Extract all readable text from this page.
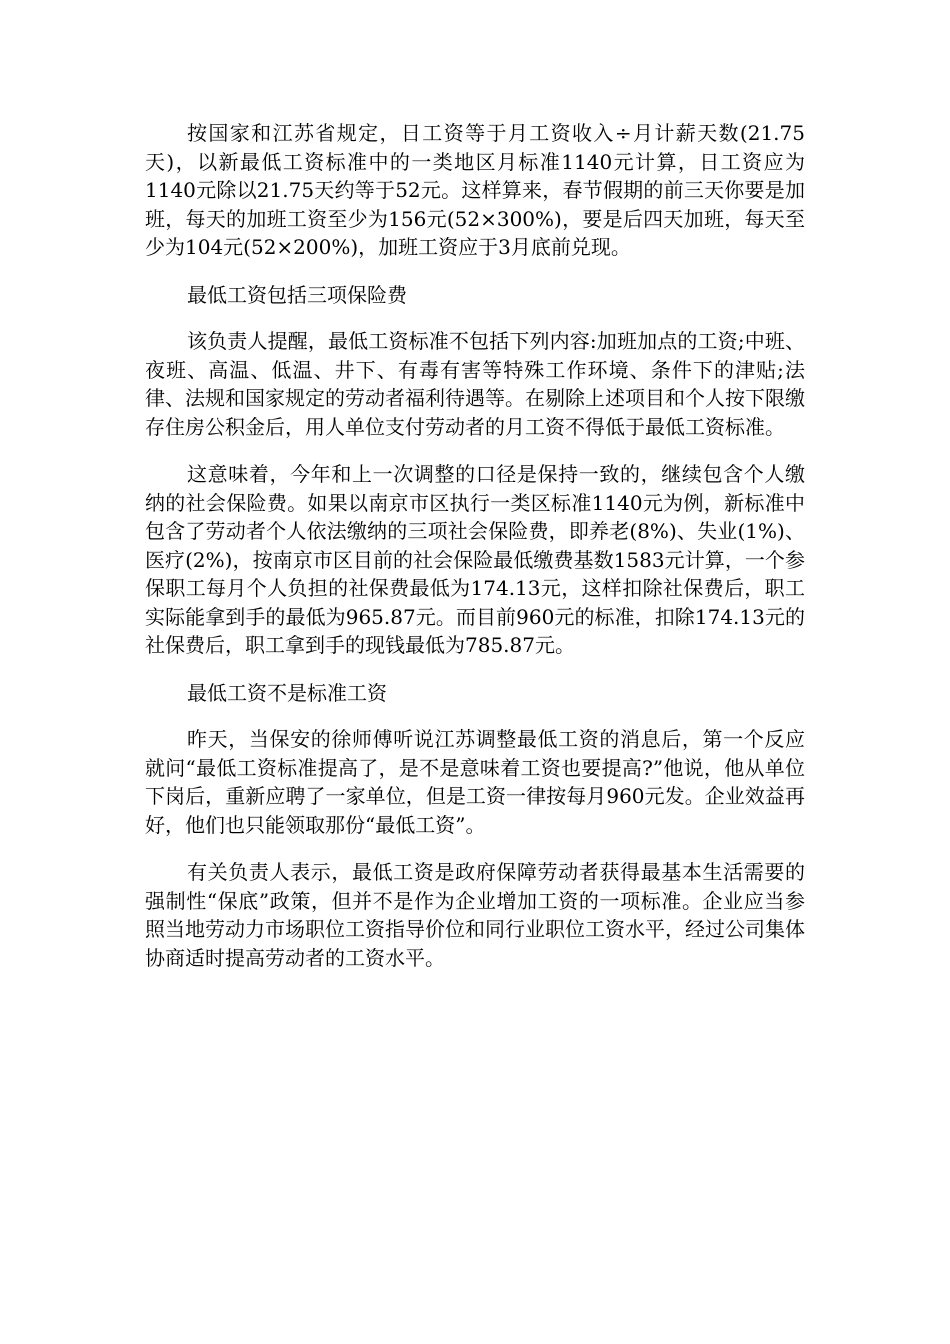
按国家和江苏省规定，日工资等于月工资收入÷月计薪天数(21.75天)，以新最低工资标准中的一类地区月标准1140元计算，日工资应为1140元除以21.75天约等于52元。这样算来，春节假期的前三天你要是加班，每天的加班工资至少为156元(52×300%)，要是后四天加班，每天至少为104元(52×200%)，加班工资应于3月底前兑现。

最低工资包括三项保险费

该负责人提醒，最低工资标准不包括下列内容:加班加点的工资;中班、夜班、高温、低温、井下、有毒有害等特殊工作环境、条件下的津贴;法律、法规和国家规定的劳动者福利待遇等。在剔除上述项目和个人按下限缴存住房公积金后，用人单位支付劳动者的月工资不得低于最低工资标准。

这意味着，今年和上一次调整的口径是保持一致的，继续包含个人缴纳的社会保险费。如果以南京市区执行一类区标准1140元为例，新标准中包含了劳动者个人依法缴纳的三项社会保险费，即养老(8%)、失业(1%)、医疗(2%)，按南京市区目前的社会保险最低缴费基数1583元计算，一个参保职工每月个人负担的社保费最低为174.13元，这样扣除社保费后，职工实际能拿到手的最低为965.87元。而目前960元的标准，扣除174.13元的社保费后，职工拿到手的现钱最低为785.87元。

最低工资不是标准工资

昨天，当保安的徐师傅听说江苏调整最低工资的消息后，第一个反应就问“最低工资标准提高了，是不是意味着工资也要提高?”他说，他从单位下岗后，重新应聘了一家单位，但是工资一律按每月960元发。企业效益再好，他们也只能领取那份“最低工资”。

有关负责人表示，最低工资是政府保障劳动者获得最基本生活需要的强制性“保底”政策，但并不是作为企业增加工资的一项标准。企业应当参照当地劳动力市场职位工资指导价位和同行业职位工资水平，经过公司集体协商适时提高劳动者的工资水平。
